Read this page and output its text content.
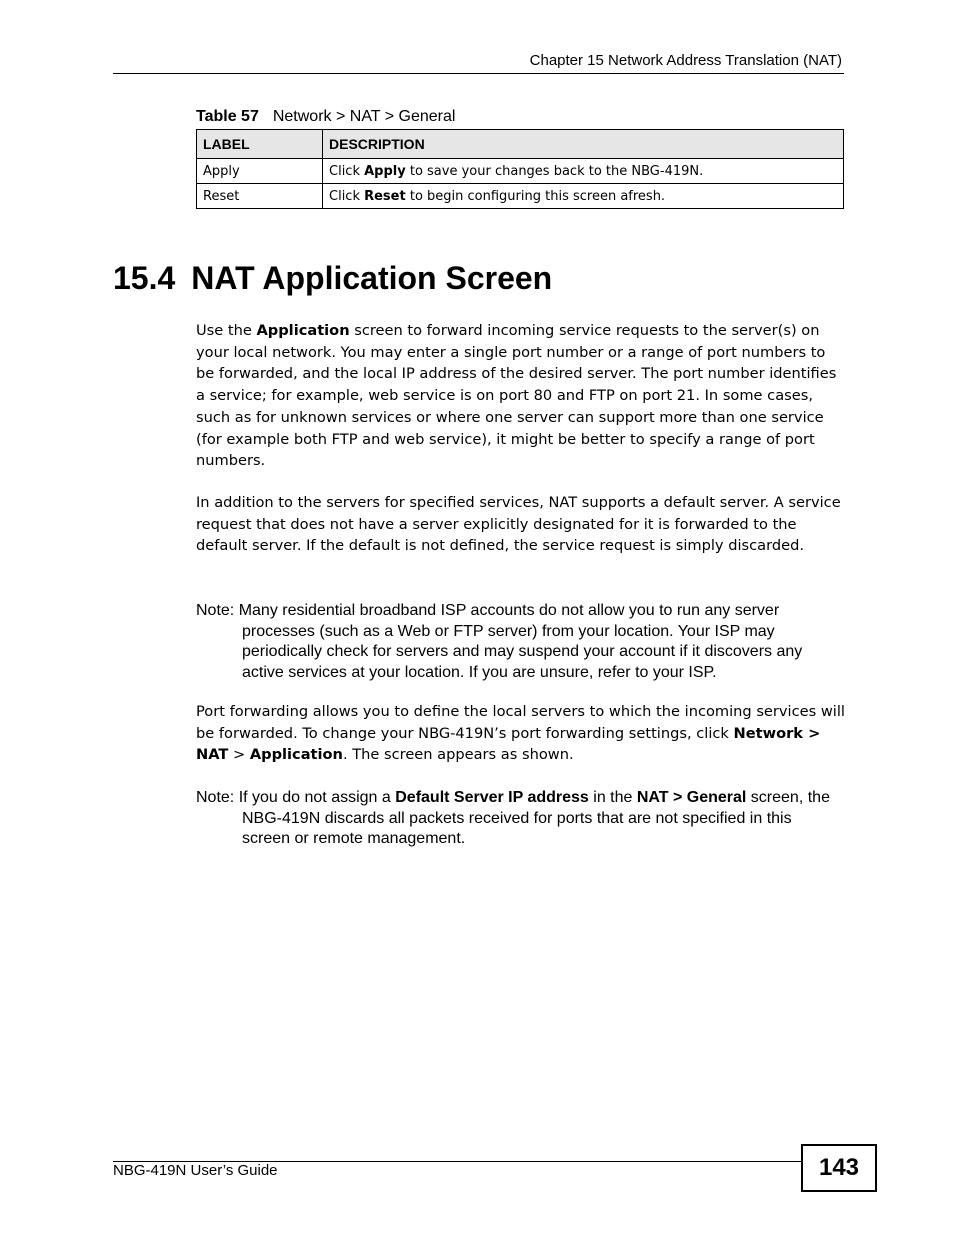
Chapter 15 Network Address Translation (NAT)
Table 57 Network > NAT > General
LABEL	DESCRIPTION
Apply	Click Apply to save your changes back to the NBG-419N.
Reset	Click Reset to begin configuring this screen afresh.
15.4 NAT Application Screen

Use the Application screen to forward incoming service requests to the server(s) on your local network. You may enter a single port number or a range of port numbers to be forwarded, and the local IP address of the desired server. The port number identifies a service; for example, web service is on port 80 and FTP on port 21. In some cases, such as for unknown services or where one server can support more than one service (for example both FTP and web service), it might be better to specify a range of port numbers.

In addition to the servers for specified services, NAT supports a default server. A service request that does not have a server explicitly designated for it is forwarded to the default server. If the default is not defined, the service request is simply discarded.

Note: Many residential broadband ISP accounts do not allow you to run any server processes (such as a Web or FTP server) from your location. Your ISP may periodically check for servers and may suspend your account if it discovers any active services at your location. If you are unsure, refer to your ISP.

Port forwarding allows you to define the local servers to which the incoming services will be forwarded. To change your NBG-419N’s port forwarding settings, click Network > NAT > Application. The screen appears as shown.

Note: If you do not assign a Default Server IP address in the NAT > General screen, the NBG-419N discards all packets received for ports that are not specified in this screen or remote management.

NBG-419N User’s Guide	143
